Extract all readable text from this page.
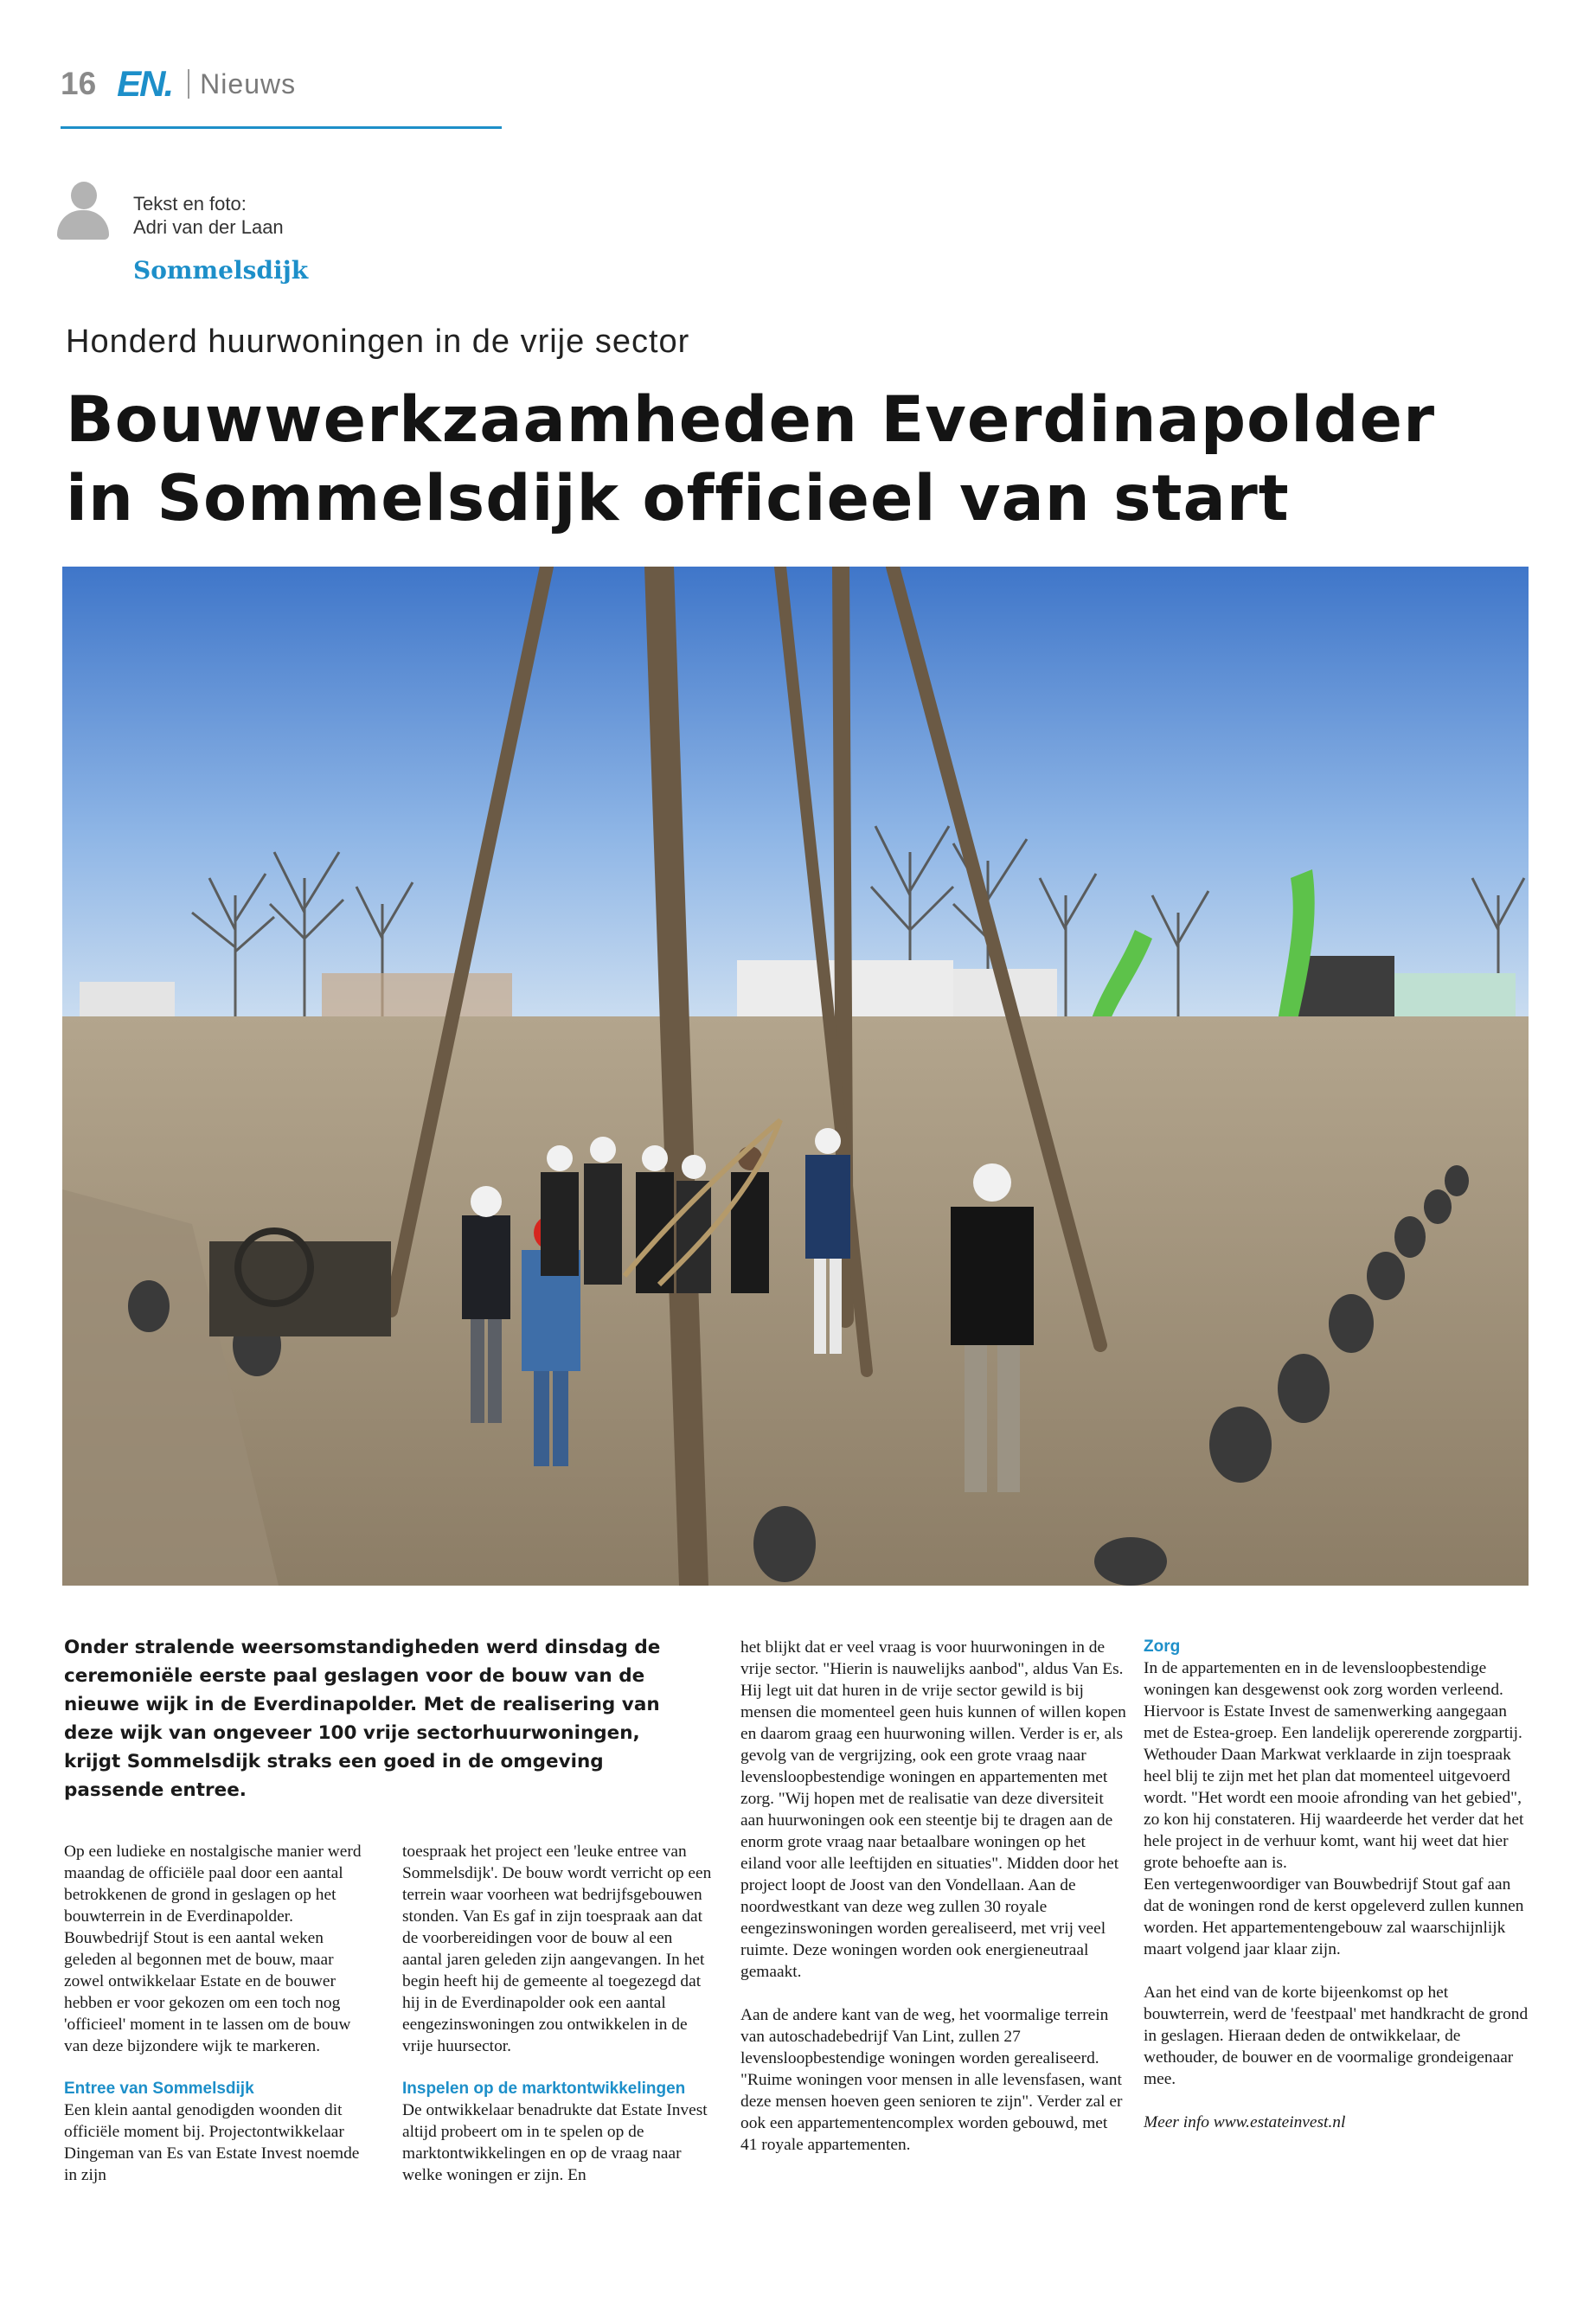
16 EN. Nieuws
Tekst en foto:
Adri van der Laan
Sommelsdijk
Honderd huurwoningen in de vrije sector
Bouwwerkzaamheden Everdinapolder
in Sommelsdijk officieel van start
Onder stralende weersomstandigheden werd dinsdag de ceremoniële eerste paal geslagen voor de bouw van de nieuwe wijk in de Everdinapolder. Met de realisering van deze wijk van ongeveer 100 vrije sectorhuurwoningen, krijgt Sommelsdijk straks een goed in de omgeving passende entree.

Op een ludieke en nostalgische manier werd maandag de officiële paal door een aantal betrokkenen de grond in geslagen op het bouwterrein in de Everdinapolder. Bouwbedrijf Stout is een aantal weken geleden al begonnen met de bouw, maar zowel ontwikkelaar Estate en de bouwer hebben er voor gekozen om een toch nog 'officieel' moment in te lassen om de bouw van deze bijzondere wijk te markeren.

Entree van Sommelsdijk

Een klein aantal genodigden woonden dit officiële moment bij. Projectontwikkelaar Dingeman van Es van Estate Invest noemde in zijn

toespraak het project een 'leuke entree van Sommelsdijk'. De bouw wordt verricht op een terrein waar voorheen wat bedrijfsgebouwen stonden. Van Es gaf in zijn toespraak aan dat de voorbereidingen voor de bouw al een aantal jaren geleden zijn aangevangen. In het begin heeft hij de gemeente al toegezegd dat hij in de Everdinapolder ook een aantal eengezinswoningen zou ontwikkelen in de vrije huursector.

Inspelen op de marktontwikkelingen

De ontwikkelaar benadrukte dat Estate Invest altijd probeert om in te spelen op de marktontwikkelingen en op de vraag naar welke woningen er zijn. En

het blijkt dat er veel vraag is voor huurwoningen in de vrije sector. "Hierin is nauwelijks aanbod", aldus Van Es. Hij legt uit dat huren in de vrije sector gewild is bij mensen die momenteel geen huis kunnen of willen kopen en daarom graag een huurwoning willen. Verder is er, als gevolg van de vergrijzing, ook een grote vraag naar levensloopbestendige woningen en appartementen met zorg. "Wij hopen met de realisatie van deze diversiteit aan huurwoningen ook een steentje bij te dragen aan de enorm grote vraag naar betaalbare woningen op het eiland voor alle leeftijden en situaties". Midden door het project loopt de Joost van den Vondellaan. Aan de noordwestkant van deze weg zullen 30 royale eengezinswoningen worden gerealiseerd, met vrij veel ruimte. Deze woningen worden ook energieneutraal gemaakt.

Aan de andere kant van de weg, het voormalige terrein van autoschadebedrijf Van Lint, zullen 27 levensloopbestendige woningen worden gerealiseerd. "Ruime woningen voor mensen in alle levensfasen, want deze mensen hoeven geen senioren te zijn". Verder zal er ook een appartementencomplex worden gebouwd, met 41 royale appartementen.

Zorg

In de appartementen en in de levensloopbestendige woningen kan desgewenst ook zorg worden verleend. Hiervoor is Estate Invest de samenwerking aangegaan met de Estea-groep. Een landelijk opererende zorgpartij. Wethouder Daan Markwat verklaarde in zijn toespraak heel blij te zijn met het plan dat momenteel uitgevoerd wordt. "Het wordt een mooie afronding van het gebied", zo kon hij constateren. Hij waardeerde het verder dat het hele project in de verhuur komt, want hij weet dat hier grote behoefte aan is.

Een vertegenwoordiger van Bouwbedrijf Stout gaf aan dat de woningen rond de kerst opgeleverd zullen kunnen worden. Het appartementengebouw zal waarschijnlijk maart volgend jaar klaar zijn.

Aan het eind van de korte bijeenkomst op het bouwterrein, werd de 'feestpaal' met handkracht de grond in geslagen. Hieraan deden de ontwikkelaar, de wethouder, de bouwer en de voormalige grondeigenaar mee.

Meer info www.estateinvest.nl
